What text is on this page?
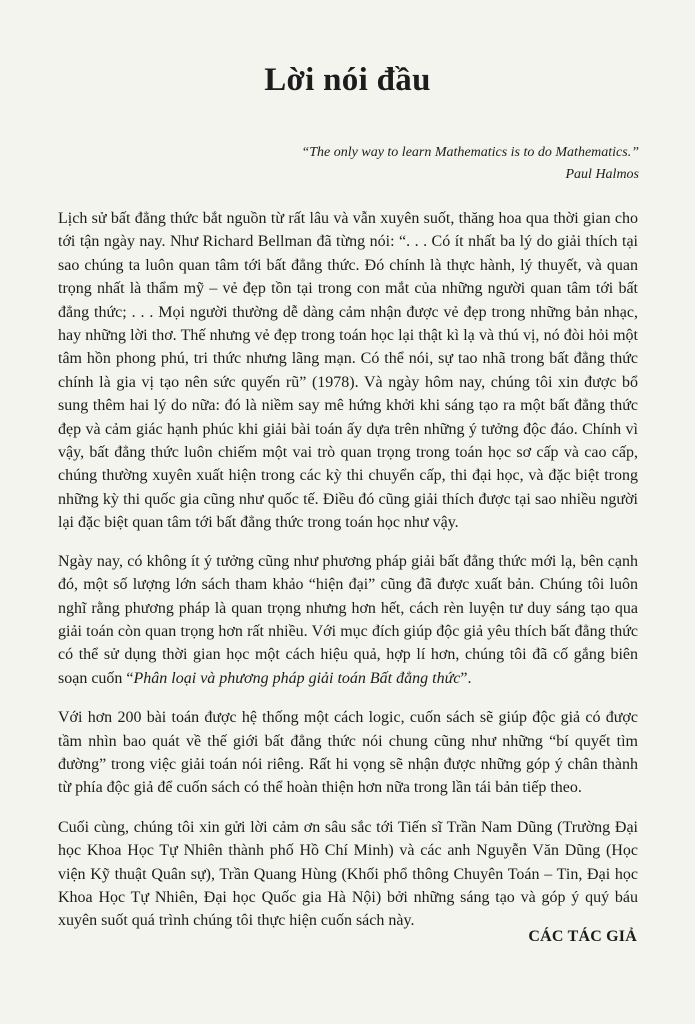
Lời nói đầu
“The only way to learn Mathematics is to do Mathematics.”
Paul Halmos

Lịch sử bất đẳng thức bắt nguồn từ rất lâu và vẫn xuyên suốt, thăng hoa qua thời gian cho tới tận ngày nay. Như Richard Bellman đã từng nói: “. . . Có ít nhất ba lý do giải thích tại sao chúng ta luôn quan tâm tới bất đẳng thức. Đó chính là thực hành, lý thuyết, và quan trọng nhất là thẩm mỹ – vẻ đẹp tồn tại trong con mắt của những người quan tâm tới bất đẳng thức; . . . Mọi người thường dễ dàng cảm nhận được vẻ đẹp trong những bản nhạc, hay những lời thơ. Thế nhưng vẻ đẹp trong toán học lại thật kì lạ và thú vị, nó đòi hỏi một tâm hồn phong phú, tri thức nhưng lãng mạn. Có thể nói, sự tao nhã trong bất đẳng thức chính là gia vị tạo nên sức quyến rũ” (1978). Và ngày hôm nay, chúng tôi xin được bổ sung thêm hai lý do nữa: đó là niềm say mê hứng khởi khi sáng tạo ra một bất đẳng thức đẹp và cảm giác hạnh phúc khi giải bài toán ấy dựa trên những ý tưởng độc đáo. Chính vì vậy, bất đẳng thức luôn chiếm một vai trò quan trọng trong toán học sơ cấp và cao cấp, chúng thường xuyên xuất hiện trong các kỳ thi chuyển cấp, thi đại học, và đặc biệt trong những kỳ thi quốc gia cũng như quốc tế. Điều đó cũng giải thích được tại sao nhiều người lại đặc biệt quan tâm tới bất đẳng thức trong toán học như vậy.

Ngày nay, có không ít ý tưởng cũng như phương pháp giải bất đẳng thức mới lạ, bên cạnh đó, một số lượng lớn sách tham khảo “hiện đại” cũng đã được xuất bản. Chúng tôi luôn nghĩ rằng phương pháp là quan trọng nhưng hơn hết, cách rèn luyện tư duy sáng tạo qua giải toán còn quan trọng hơn rất nhiều. Với mục đích giúp độc giả yêu thích bất đẳng thức có thể sử dụng thời gian học một cách hiệu quả, hợp lí hơn, chúng tôi đã cố gắng biên soạn cuốn “Phân loại và phương pháp giải toán Bất đẳng thức”.

Với hơn 200 bài toán được hệ thống một cách logic, cuốn sách sẽ giúp độc giả có được tầm nhìn bao quát về thế giới bất đẳng thức nói chung cũng như những “bí quyết tìm đường” trong việc giải toán nói riêng. Rất hi vọng sẽ nhận được những góp ý chân thành từ phía độc giả để cuốn sách có thể hoàn thiện hơn nữa trong lần tái bản tiếp theo.

Cuối cùng, chúng tôi xin gửi lời cảm ơn sâu sắc tới Tiến sĩ Trần Nam Dũng (Trường Đại học Khoa Học Tự Nhiên thành phố Hồ Chí Minh) và các anh Nguyễn Văn Dũng (Học viện Kỹ thuật Quân sự), Trần Quang Hùng (Khối phổ thông Chuyên Toán – Tin, Đại học Khoa Học Tự Nhiên, Đại học Quốc gia Hà Nội) bởi những sáng tạo và góp ý quý báu xuyên suốt quá trình chúng tôi thực hiện cuốn sách này.

CÁC TÁC GIẢ
